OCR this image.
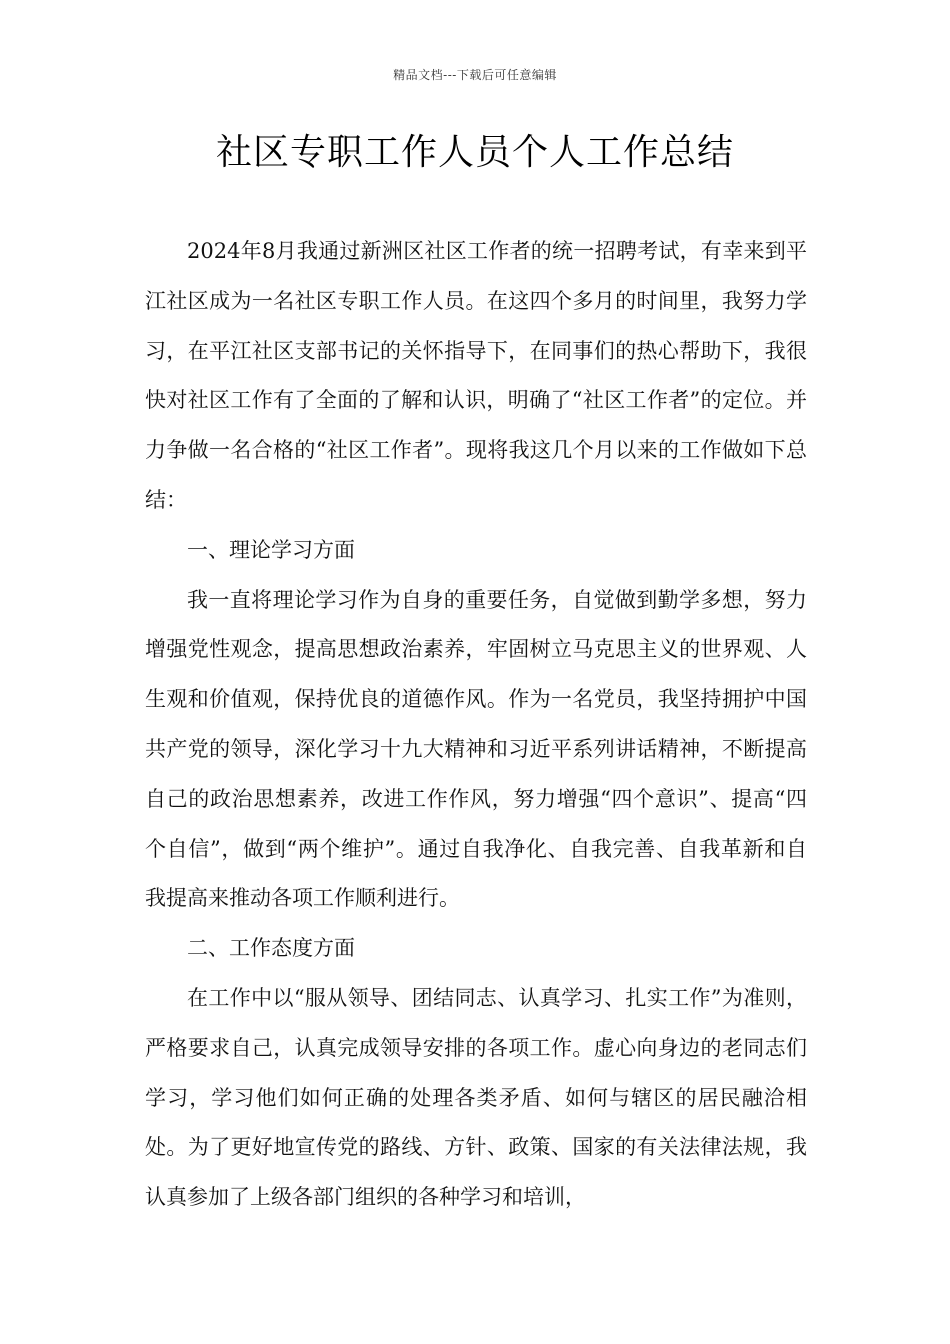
精品文档---下载后可任意编辑
社区专职工作人员个人工作总结

2024年8月我通过新洲区社区工作者的统一招聘考试，有幸来到平江社区成为一名社区专职工作人员。在这四个多月的时间里，我努力学习，在平江社区支部书记的关怀指导下，在同事们的热心帮助下，我很快对社区工作有了全面的了解和认识，明确了“社区工作者”的定位。并力争做一名合格的“社区工作者”。现将我这几个月以来的工作做如下总结：

一、理论学习方面

我一直将理论学习作为自身的重要任务，自觉做到勤学多想，努力增强党性观念，提高思想政治素养，牢固树立马克思主义的世界观、人生观和价值观，保持优良的道德作风。作为一名党员，我坚持拥护中国共产党的领导，深化学习十九大精神和习近平系列讲话精神，不断提高自己的政治思想素养，改进工作作风，努力增强“四个意识”、提高“四个自信”，做到“两个维护”。通过自我净化、自我完善、自我革新和自我提高来推动各项工作顺利进行。

二、工作态度方面

在工作中以“服从领导、团结同志、认真学习、扎实工作”为准则，严格要求自己，认真完成领导安排的各项工作。虚心向身边的老同志们学习，学习他们如何正确的处理各类矛盾、如何与辖区的居民融洽相处。为了更好地宣传党的路线、方针、政策、国家的有关法律法规，我认真参加了上级各部门组织的各种学习和培训，
